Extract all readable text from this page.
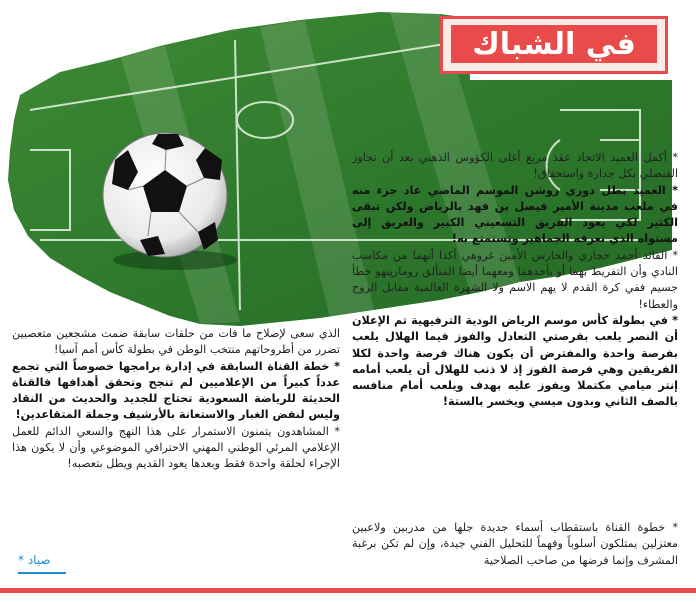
في الشباك

* أكمل العميد الاتحاد عقد مربع أغلى الكؤوس الذهبي بعد أن تجاوز الفيصلي بكل جدارة واستحقاق!

* العميد بطل دوري روشن الموسم الماضي عاد جزء منه في ملعب مدينة الأمير فيصل بن فهد بالرياض ولكن تبقى الكثير لكي يعود الفريق التسعيني الكبير والعريق إلى مستواه الذي تعرفه الجماهير وتستمتع به!

* القائد أحمد حجازي والحارس الأمين غروهي أكدا أنهما من مكاسب النادي وأن التفريط بهما أو بأحدهما ومعهما أيضا المتألق رومارينهو خطأ جسيم ففي كرة القدم لا يهم الاسم ولا الشهرة العالمية مقابل الروح والعطاء!

* في بطولة كأس موسم الرياض الودية الترفيهية تم الإعلان أن النصر يلعب بفرصتي التعادل والفوز فيما الهلال يلعب بفرصة واحدة والمفترض أن يكون هناك فرصة واحدة لكلا الفريقين وهي فرصة الفوز إذ لا ذنب للهلال أن يلعب أمامه إنتر ميامي مكتملا ويفوز عليه بهدف ويلعب أمام منافسه بالصف الثاني وبدون ميسي ويخسر بالستة!

* خطوة القناة باستقطاب أسماء جديدة جلها من مدربين ولاعبين معتزلين يمتلكون أسلوباً وفهماً للتحليل الفني جيدة، وإن لم تكن برغبة المشرف وإنما فرضها من صاحب الصلاحية

الذي سعى لإصلاح ما فات من حلقات سابقة ضمت مشجعين متعصبين تضرر من أطروحاتهم منتخب الوطن في بطولة كأس أمم آسيا!

* خطة القناة السابقة في إدارة برامجها خصوصاً التي تجمع عدداً كبيراً من الإعلاميين لم تنجح وتحقق أهدافها فالقناة الحديثة للرياضة السعودية تحتاج للجديد والحديث من النقاد وليس لنفض الغبار والاستعانة بالأرشيف وجملة المتقاعدين!

* المشاهدون يتمنون الاستمرار على هذا النهج والسعي الدائم للعمل الإعلامي المرئي الوطني المهني الاحترافي الموضوعي وأن لا يكون هذا الإجراء لحلقة واحدة فقط وبعدها يعود القديم ويطل بتعصبه!

صياد *
